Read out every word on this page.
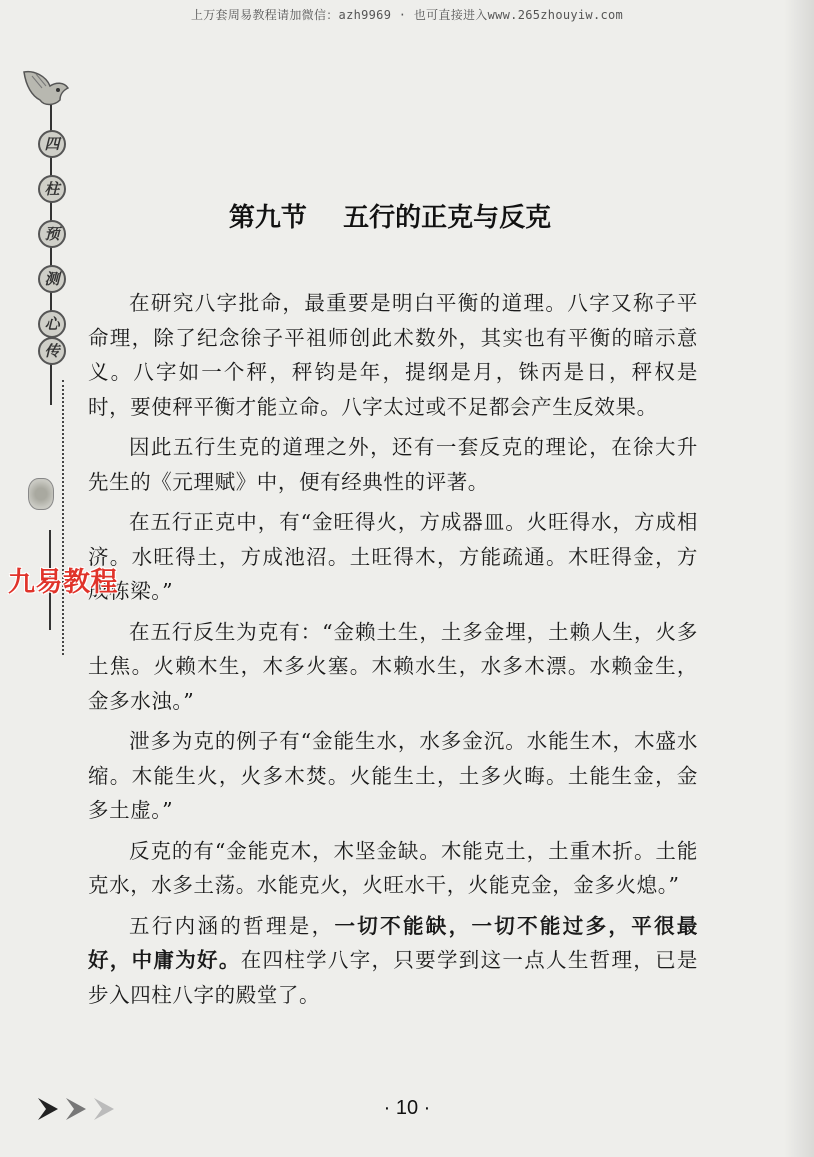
上万套周易教程请加微信：azh9969 · 也可直接进入www.265zhouyiw.com
四
柱
预
测
心
传
第九节    五行的正克与反克

在研究八字批命，最重要是明白平衡的道理。八字又称子平命理，除了纪念徐子平祖师创此术数外，其实也有平衡的暗示意义。八字如一个秤，秤钧是年，提纲是月，铢丙是日，秤权是时，要使秤平衡才能立命。八字太过或不足都会产生反效果。

因此五行生克的道理之外，还有一套反克的理论，在徐大升先生的《元理赋》中，便有经典性的评著。

在五行正克中，有“金旺得火，方成器皿。火旺得水，方成相济。水旺得土，方成池沼。土旺得木，方能疏通。木旺得金，方成栋梁。”

在五行反生为克有：“金赖土生，土多金埋，土赖人生，火多土焦。火赖木生，木多火塞。木赖水生，水多木漂。水赖金生，金多水浊。”

泄多为克的例子有“金能生水，水多金沉。水能生木，木盛水缩。木能生火，火多木焚。火能生土，土多火晦。土能生金，金多土虚。”

反克的有“金能克木，木坚金缺。木能克土，土重木折。土能克水，水多土荡。水能克火，火旺水干，火能克金，金多火熄。”

五行内涵的哲理是，一切不能缺，一切不能过多，平很最好，中庸为好。在四柱学八字，只要学到这一点人生哲理，已是步入四柱八字的殿堂了。

九易教程
· 10 ·
